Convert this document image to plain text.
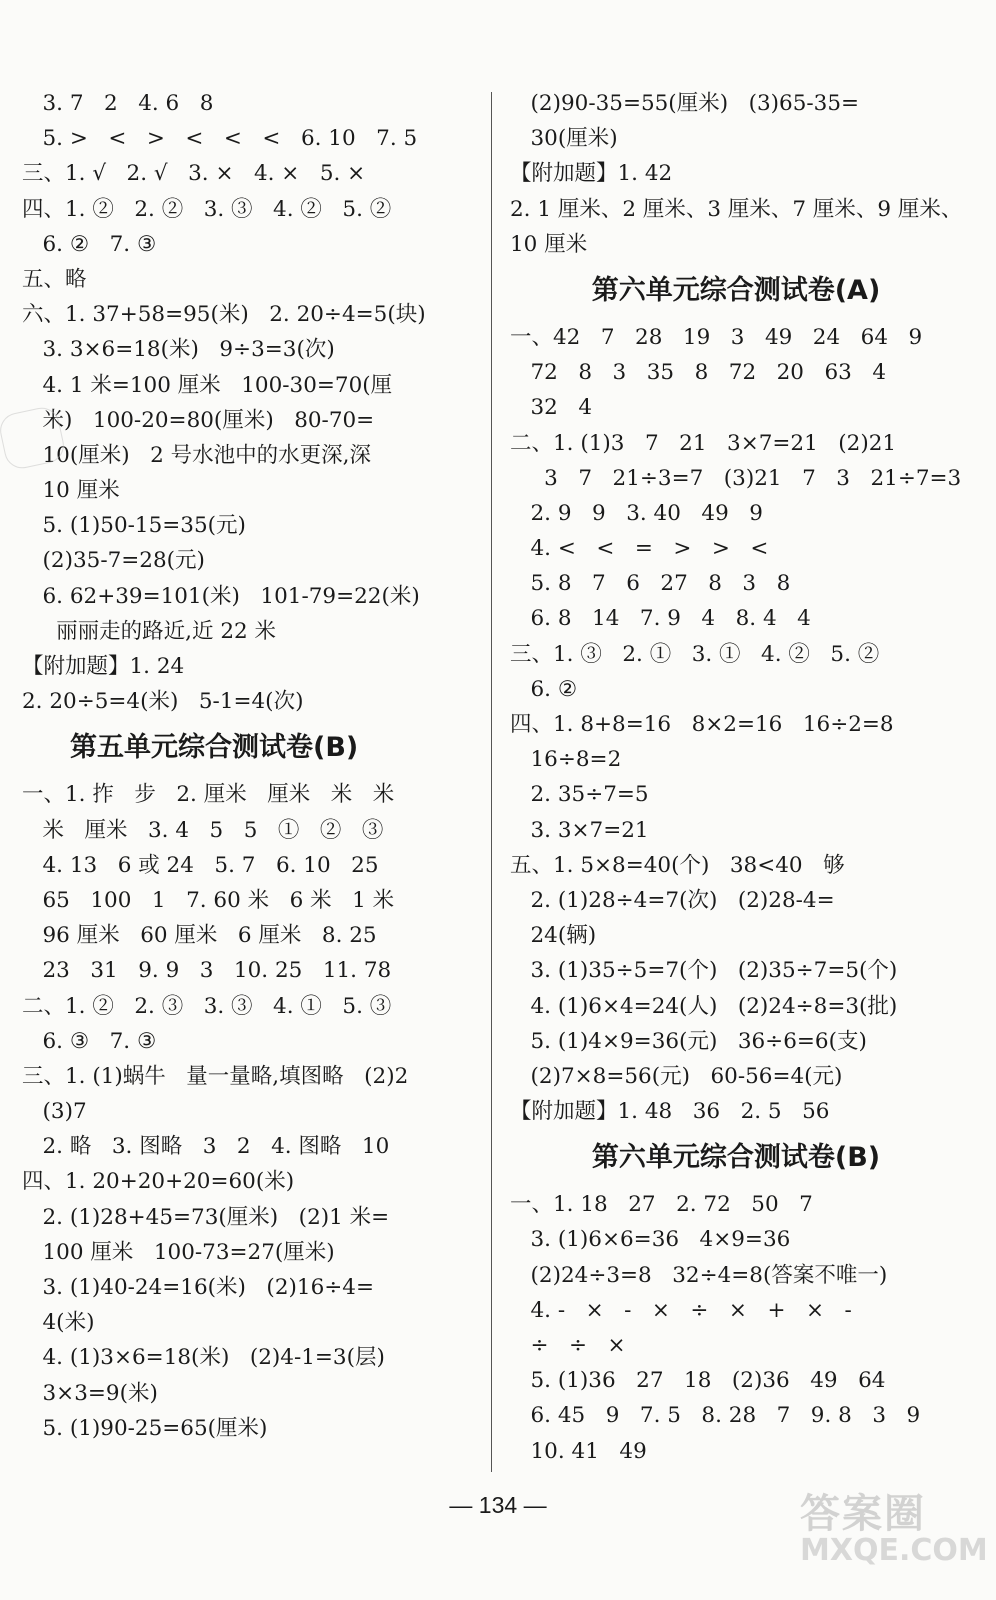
3. 7   2   4. 6   8
5. >   <   >   <   <   <   6. 10   7. 5
三、1. √   2. √   3. ×   4. ×   5. ×
四、1. ②   2. ②   3. ③   4. ②   5. ②
6. ②   7. ③
五、略
六、1. 37+58=95(米)   2. 20÷4=5(块)
3. 3×6=18(米)   9÷3=3(次)
4. 1 米=100 厘米   100-30=70(厘
米)   100-20=80(厘米)   80-70=
10(厘米)   2 号水池中的水更深,深
10 厘米
5. (1)50-15=35(元)
(2)35-7=28(元)
6. 62+39=101(米)   101-79=22(米)
丽丽走的路近,近 22 米
【附加题】1. 24
2. 20÷5=4(米)   5-1=4(次)
第五单元综合测试卷(B)
一、1. 拃   步   2. 厘米   厘米   米   米
米   厘米   3. 4   5   5   ①   ②   ③
4. 13   6 或 24   5. 7   6. 10   25
65   100   1   7. 60 米   6 米   1 米
96 厘米   60 厘米   6 厘米   8. 25
23   31   9. 9   3   10. 25   11. 78
二、1. ②   2. ③   3. ③   4. ①   5. ③
6. ③   7. ③
三、1. (1)蜗牛   量一量略,填图略   (2)2
(3)7
2. 略   3. 图略   3   2   4. 图略   10
四、1. 20+20+20=60(米)
2. (1)28+45=73(厘米)   (2)1 米=
100 厘米   100-73=27(厘米)
3. (1)40-24=16(米)   (2)16÷4=
4(米)
4. (1)3×6=18(米)   (2)4-1=3(层)
3×3=9(米)
5. (1)90-25=65(厘米)
(2)90-35=55(厘米)   (3)65-35=
30(厘米)
【附加题】1. 42
2. 1 厘米、2 厘米、3 厘米、7 厘米、9 厘米、
10 厘米
第六单元综合测试卷(A)
一、42   7   28   19   3   49   24   64   9
72   8   3   35   8   72   20   63   4
32   4
二、1. (1)3   7   21   3×7=21   (2)21
3   7   21÷3=7   (3)21   7   3   21÷7=3
2. 9   9   3. 40   49   9
4. <   <   =   >   >   <
5. 8   7   6   27   8   3   8
6. 8   14   7. 9   4   8. 4   4
三、1. ③   2. ①   3. ①   4. ②   5. ②
6. ②
四、1. 8+8=16   8×2=16   16÷2=8
16÷8=2
2. 35÷7=5
3. 3×7=21
五、1. 5×8=40(个)   38<40   够
2. (1)28÷4=7(次)   (2)28-4=
24(辆)
3. (1)35÷5=7(个)   (2)35÷7=5(个)
4. (1)6×4=24(人)   (2)24÷8=3(批)
5. (1)4×9=36(元)   36÷6=6(支)
(2)7×8=56(元)   60-56=4(元)
【附加题】1. 48   36   2. 5   56
第六单元综合测试卷(B)
一、1. 18   27   2. 72   50   7
3. (1)6×6=36   4×9=36
(2)24÷3=8   32÷4=8(答案不唯一)
4. -   ×   -   ×   ÷   ×   +   ×   -
÷   ÷   ×
5. (1)36   27   18   (2)36   49   64
6. 45   9   7. 5   8. 28   7   9. 8   3   9
10. 41   49
— 134 —	答案圈
MXQE.COM
